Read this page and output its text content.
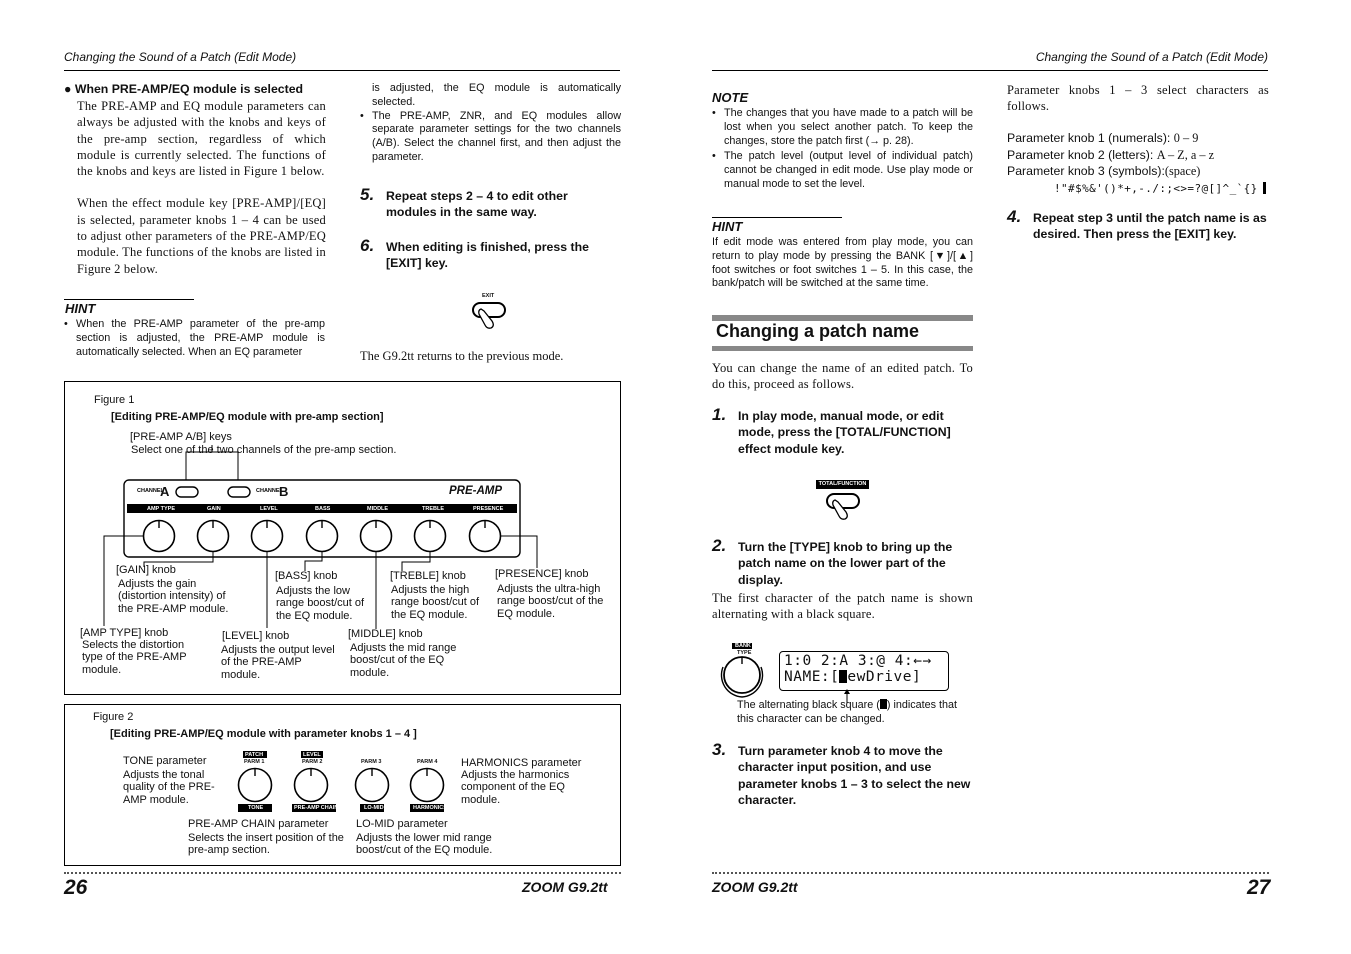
Changing the Sound of a Patch (Edit Mode)	Changing the Sound of a Patch (Edit Mode)
● When PRE-AMP/EQ module is selected

The PRE-AMP and EQ module parameters can always be adjusted with the knobs and keys of the pre-amp section, regardless of which module is currently selected. The functions of the knobs and keys are listed in Figure 1 below.

When the effect module key [PRE-AMP]/[EQ] is selected, parameter knobs 1 – 4 can be used to adjust other parameters of the PRE-AMP/EQ module. The functions of the knobs are listed in Figure 2 below.

HINT
• When the PRE-AMP parameter of the pre-amp section is adjusted, the PRE-AMP module is automatically selected. When an EQ parameter
is adjusted, the EQ module is automatically selected.
• The PRE-AMP, ZNR, and EQ modules allow separate parameter settings for the two channels (A/B). Select the channel first, and then adjust the parameter.
5. Repeat steps 2 – 4 to edit other modules in the same way.
6. When editing is finished, press the [EXIT] key.
EXIT
The G9.2tt returns to the previous mode.
Figure 1
[Editing PRE-AMP/EQ module with pre-amp section]
[PRE-AMP A/B] keys
Select one of the two channels of the pre-amp section.
CHANNEL
A	CHANNEL
B	PRE-AMP
AMP TYPE	GAIN	LEVEL	BASS	MIDDLE	TREBLE	PRESENCE
[GAIN] knob
Adjusts the gain (distortion intensity) of the PRE-AMP module.
[BASS] knob
Adjusts the low range boost/cut of the EQ module.
[TREBLE] knob
Adjusts the high range boost/cut of the EQ module.
[PRESENCE] knob
Adjusts the ultra-high range boost/cut of the EQ module.
[AMP TYPE] knob
Selects the distortion type of the PRE-AMP module.
[LEVEL] knob
Adjusts the output level of the PRE-AMP module.
[MIDDLE] knob
Adjusts the mid range boost/cut of the EQ module.
Figure 2
[Editing PRE-AMP/EQ module with parameter knobs 1 – 4 ]
TONE parameter
Adjusts the tonal quality of the PRE-AMP module.
HARMONICS parameter
Adjusts the harmonics component of the EQ module.
PRE-AMP CHAIN parameter
Selects the insert position of the pre-amp section.
LO-MID parameter
Adjusts the lower mid range boost/cut of the EQ module.
PATCH	LEVEL
PARM 1	PARM 2	PARM 3	PARM 4
TONE	PRE-AMP CHAIN	LO-MID	HARMONICS
26	ZOOM G9.2tt
NOTE
• The changes that you have made to a patch will be lost when you select another patch. To keep the changes, store the patch first (→ p. 28).
• The patch level (output level of individual patch) cannot be changed in edit mode. Use play mode or manual mode to set the level.
HINT
If edit mode was entered from play mode, you can return to play mode by pressing the BANK [▼]/[▲] foot switches or foot switches 1 – 5. In this case, the bank/patch will be switched at the same time.
Changing a patch name
You can change the name of an edited patch. To do this, proceed as follows.
1. In play mode, manual mode, or edit mode, press the [TOTAL/FUNCTION] effect module key.
TOTAL/FUNCTION
2. Turn the [TYPE] knob to bring up the patch name on the lower part of the display.
The first character of the patch name is shown alternating with a black square.
BANK
TYPE 1:0 2:A 3:@ 4:←→
NAME:[ ewDrive]
The alternating black square ( ) indicates that this character can be changed.
3. Turn parameter knob 4 to move the character input position, and use parameter knobs 1 – 3 to select the new character.
Parameter knobs 1 – 3 select characters as follows.
Parameter knob 1 (numerals): 0 – 9
Parameter knob 2 (letters): A – Z, a – z
Parameter knob 3 (symbols):(space)
!"#$%&'()*+,-./:;<>=?@[]^_`{}
4. Repeat step 3 until the patch name is as desired. Then press the [EXIT] key.
ZOOM G9.2tt	27
